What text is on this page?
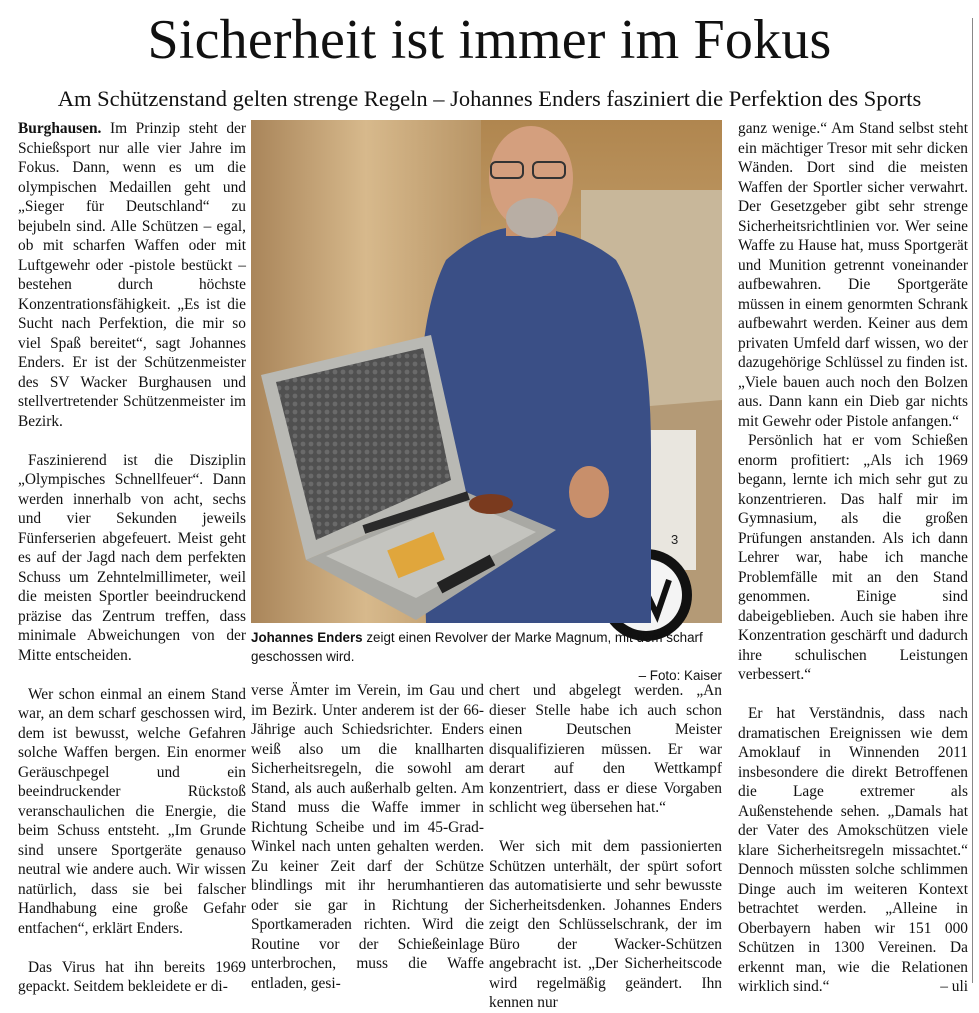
Sicherheit ist immer im Fokus
Am Schützenstand gelten strenge Regeln – Johannes Enders fasziniert die Perfektion des Sports

Burghausen. Im Prinzip steht der Schießsport nur alle vier Jahre im Fokus. Dann, wenn es um die olympischen Medaillen geht und „Sieger für Deutschland“ zu bejubeln sind. Alle Schützen – egal, ob mit scharfen Waffen oder mit Luftgewehr oder -pistole bestückt – bestehen durch höchste Konzentrationsfähigkeit. „Es ist die Sucht nach Perfektion, die mir so viel Spaß bereitet“, sagt Johannes Enders. Er ist der Schützenmeister des SV Wacker Burghausen und stellvertretender Schützenmeister im Bezirk.

Faszinierend ist die Disziplin „Olympisches Schnellfeuer“. Dann werden innerhalb von acht, sechs und vier Sekunden jeweils Fünferserien abgefeuert. Meist geht es auf der Jagd nach dem perfekten Schuss um Zehntelmillimeter, weil die meisten Sportler beeindruckend präzise das Zentrum treffen, dass minimale Abweichungen von der Mitte entscheiden.

Wer schon einmal an einem Stand war, an dem scharf geschossen wird, dem ist bewusst, welche Gefahren solche Waffen bergen. Ein enormer Geräuschpegel und ein beeindruckender Rückstoß veranschaulichen die Energie, die beim Schuss entsteht. „Im Grunde sind unsere Sportgeräte genauso neutral wie andere auch. Wir wissen natürlich, dass sie bei falscher Handhabung eine große Gefahr entfachen“, erklärt Enders.

Das Virus hat ihn bereits 1969 gepackt. Seitdem bekleidete er di-

3
Johannes Enders zeigt einen Revolver der Marke Magnum, mit dem scharf geschossen wird.
– Foto: Kaiser

verse Ämter im Verein, im Gau und im Bezirk. Unter anderem ist der 66-Jährige auch Schiedsrichter. Enders weiß also um die knallharten Sicherheitsregeln, die sowohl am Stand, als auch außerhalb gelten. Am Stand muss die Waffe immer in Richtung Scheibe und im 45-Grad-Winkel nach unten gehalten werden. Zu keiner Zeit darf der Schütze blindlings mit ihr herumhantieren oder sie gar in Richtung der Sportkameraden richten. Wird die Routine vor der Schießeinlage unterbrochen, muss die Waffe entladen, gesi-

chert und abgelegt werden. „An dieser Stelle habe ich auch schon einen Deutschen Meister disqualifizieren müssen. Er war derart auf den Wettkampf konzentriert, dass er diese Vorgaben schlicht weg übersehen hat.“

Wer sich mit dem passionierten Schützen unterhält, der spürt sofort das automatisierte und sehr bewusste Sicherheitsdenken. Johannes Enders zeigt den Schlüsselschrank, der im Büro der Wacker-Schützen angebracht ist. „Der Sicherheitscode wird regelmäßig geändert. Ihn kennen nur

ganz wenige.“ Am Stand selbst steht ein mächtiger Tresor mit sehr dicken Wänden. Dort sind die meisten Waffen der Sportler sicher verwahrt. Der Gesetzgeber gibt sehr strenge Sicherheitsrichtlinien vor. Wer seine Waffe zu Hause hat, muss Sportgerät und Munition getrennt voneinander aufbewahren. Die Sportgeräte müssen in einem genormten Schrank aufbewahrt werden. Keiner aus dem privaten Umfeld darf wissen, wo der dazugehörige Schlüssel zu finden ist. „Viele bauen auch noch den Bolzen aus. Dann kann ein Dieb gar nichts mit Gewehr oder Pistole anfangen.“

Persönlich hat er vom Schießen enorm profitiert: „Als ich 1969 begann, lernte ich mich sehr gut zu konzentrieren. Das half mir im Gymnasium, als die großen Prüfungen anstanden. Als ich dann Lehrer war, habe ich manche Problemfälle mit an den Stand genommen. Einige sind dabeigeblieben. Auch sie haben ihre Konzentration geschärft und dadurch ihre schulischen Leistungen verbessert.“

Er hat Verständnis, dass nach dramatischen Ereignissen wie dem Amoklauf in Winnenden 2011 insbesondere die direkt Betroffenen die Lage extremer als Außenstehende sehen. „Damals hat der Vater des Amokschützen viele klare Sicherheitsregeln missachtet.“ Dennoch müssten solche schlimmen Dinge auch im weiteren Kontext betrachtet werden. „Alleine in Oberbayern haben wir 151 000 Schützen in 1300 Vereinen. Da erkennt man, wie die Relationen wirklich sind.“	– uli
